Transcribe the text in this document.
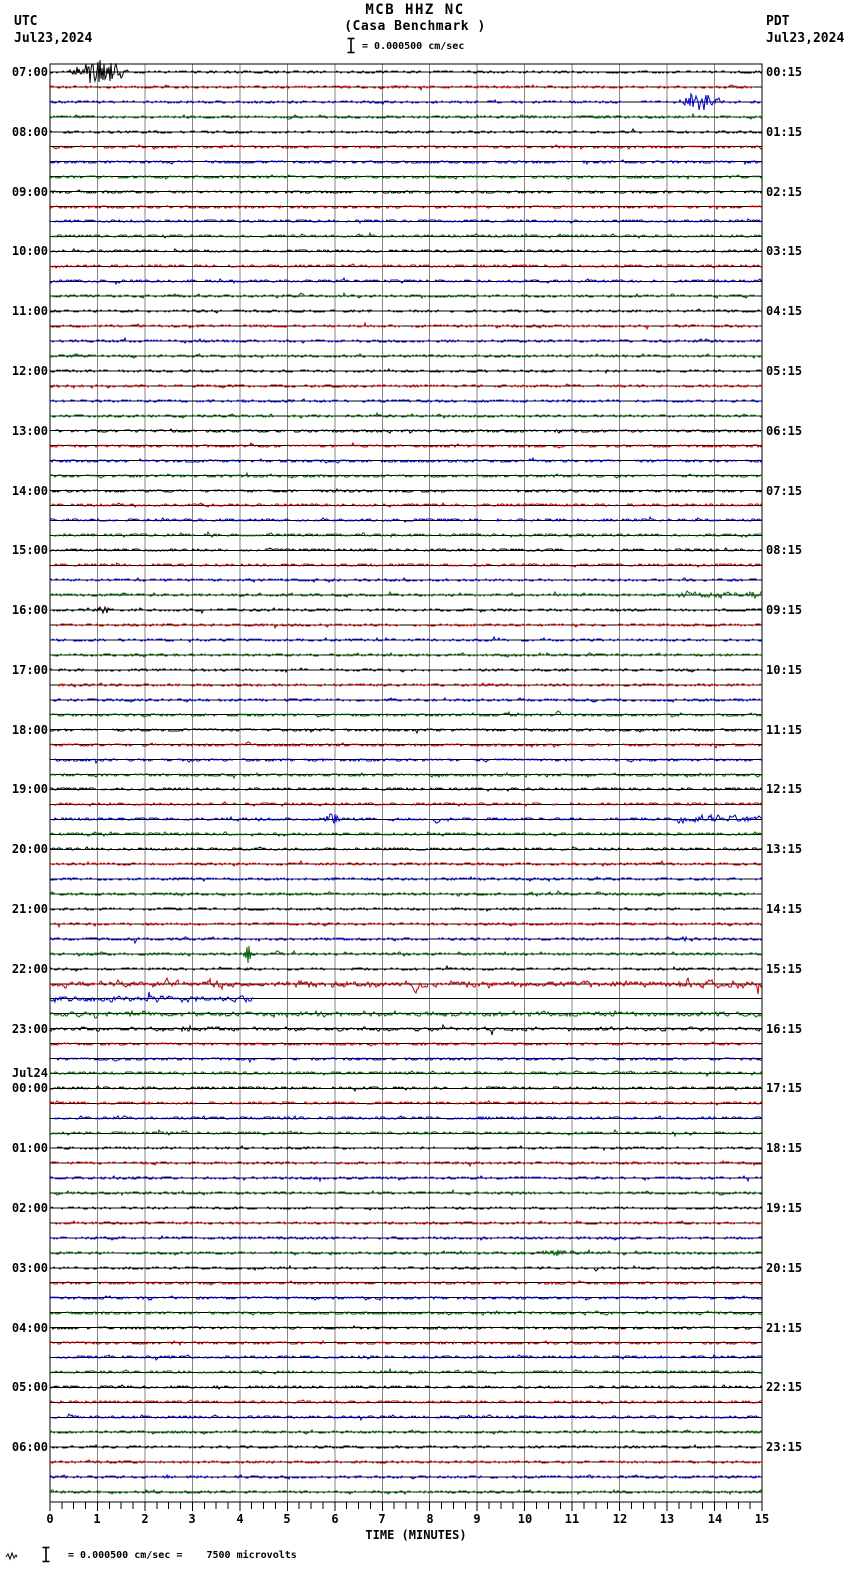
UTC
Jul23,2024
PDT
Jul23,2024
MCB HHZ NC
(Casa Benchmark )
= 0.000500 cm/sec
07:00
08:00
09:00
10:00
11:00
12:00
13:00
14:00
15:00
16:00
17:00
18:00
19:00
20:00
21:00
22:00
23:00
Jul24
00:00
01:00
02:00
03:00
04:00
05:00
06:00
00:15
01:15
02:15
03:15
04:15
05:15
06:15
07:15
08:15
09:15
10:15
11:15
12:15
13:15
14:15
15:15
16:15
17:15
18:15
19:15
20:15
21:15
22:15
23:15
0	1	2	3	4	5	6	7	8	9	10	11	12	13	14	15
TIME (MINUTES)
= 0.000500 cm/sec =    7500 microvolts
